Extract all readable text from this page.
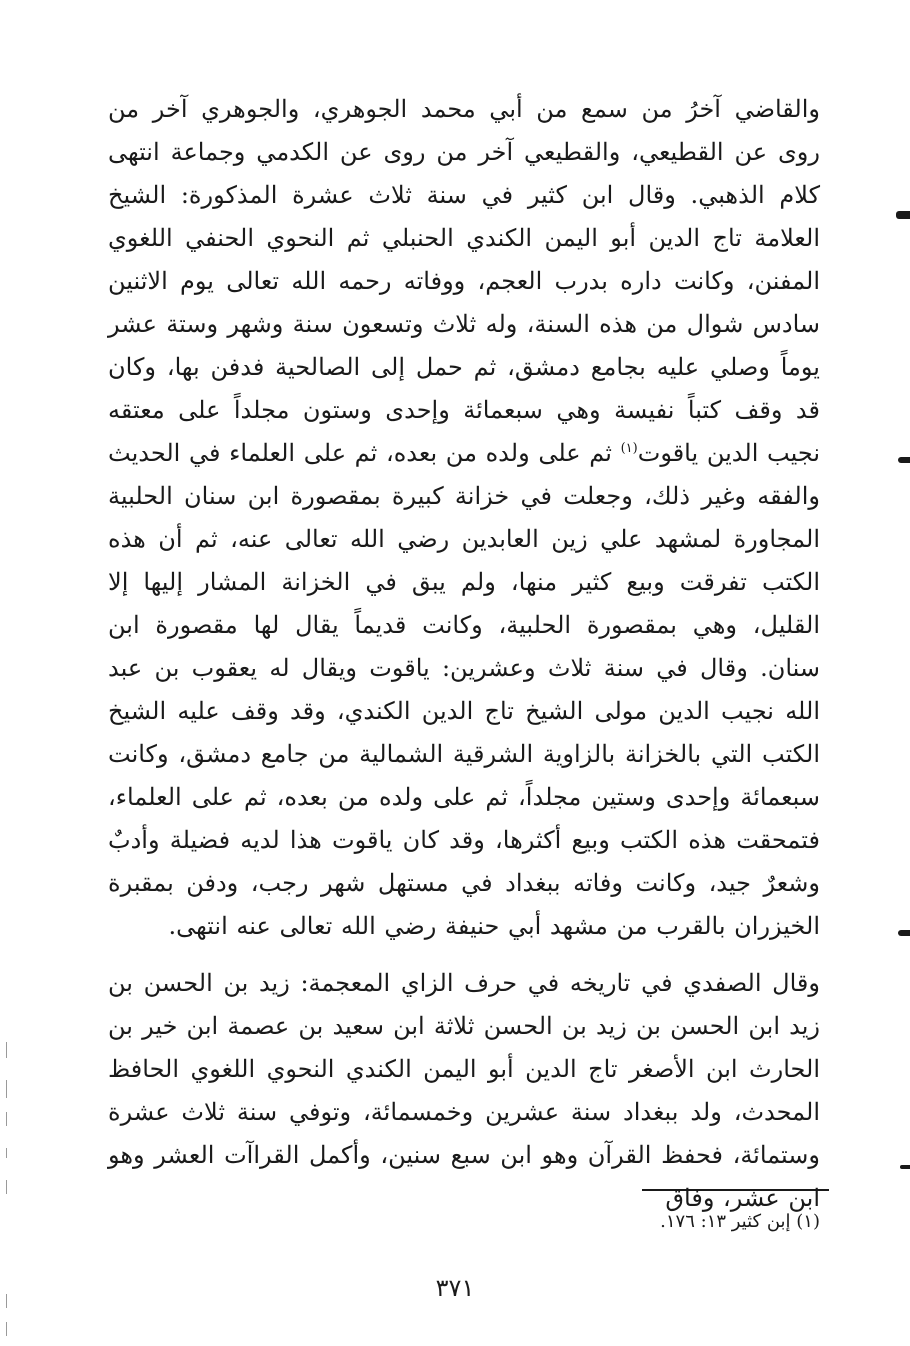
والقاضي آخرُ من سمع من أبي محمد الجوهري، والجوهري آخر من روى عن القطيعي، والقطيعي آخر من روى عن الكدمي وجماعة انتهى كلام الذهبي. وقال ابن كثير في سنة ثلاث عشرة المذكورة: الشيخ العلامة تاج الدين أبو اليمن الكندي الحنبلي ثم النحوي الحنفي اللغوي المفنن، وكانت داره بدرب العجم، ووفاته رحمه الله تعالى يوم الاثنين سادس شوال من هذه السنة، وله ثلاث وتسعون سنة وشهر وستة عشر يوماً وصلي عليه بجامع دمشق، ثم حمل إلى الصالحية فدفن بها، وكان قد وقف كتباً نفيسة وهي سبعمائة وإحدى وستون مجلداً على معتقه نجيب الدين ياقوت$^{(١)}$ ثم على ولده من بعده، ثم على العلماء في الحديث والفقه وغير ذلك، وجعلت في خزانة كبيرة بمقصورة ابن سنان الحلبية المجاورة لمشهد علي زين العابدين رضي الله تعالى عنه، ثم أن هذه الكتب تفرقت وبيع كثير منها، ولم يبق في الخزانة المشار إليها إلا القليل، وهي بمقصورة الحلبية، وكانت قديماً يقال لها مقصورة ابن سنان. وقال في سنة ثلاث وعشرين: ياقوت ويقال له يعقوب بن عبد الله نجيب الدين مولى الشيخ تاج الدين الكندي، وقد وقف عليه الشيخ الكتب التي بالخزانة بالزاوية الشرقية الشمالية من جامع دمشق، وكانت سبعمائة وإحدى وستين مجلداً، ثم على ولده من بعده، ثم على العلماء، فتمحقت هذه الكتب وبيع أكثرها، وقد كان ياقوت هذا لديه فضيلة وأدبٌ وشعرٌ جيد، وكانت وفاته ببغداد في مستهل شهر رجب، ودفن بمقبرة الخيزران بالقرب من مشهد أبي حنيفة رضي الله تعالى عنه انتهى.

وقال الصفدي في تاريخه في حرف الزاي المعجمة: زيد بن الحسن بن زيد ابن الحسن بن زيد بن الحسن ثلاثة ابن سعيد بن عصمة ابن خير بن الحارث ابن الأصغر تاج الدين أبو اليمن الكندي النحوي اللغوي الحافظ المحدث، ولد ببغداد سنة عشرين وخمسمائة، وتوفي سنة ثلاث عشرة وستمائة، فحفظ القرآن وهو ابن سبع سنين، وأكمل القراآت العشر وهو ابن عشر، وفاق

(١) إبن كثير ١٣: ١٧٦.
٣٧١
